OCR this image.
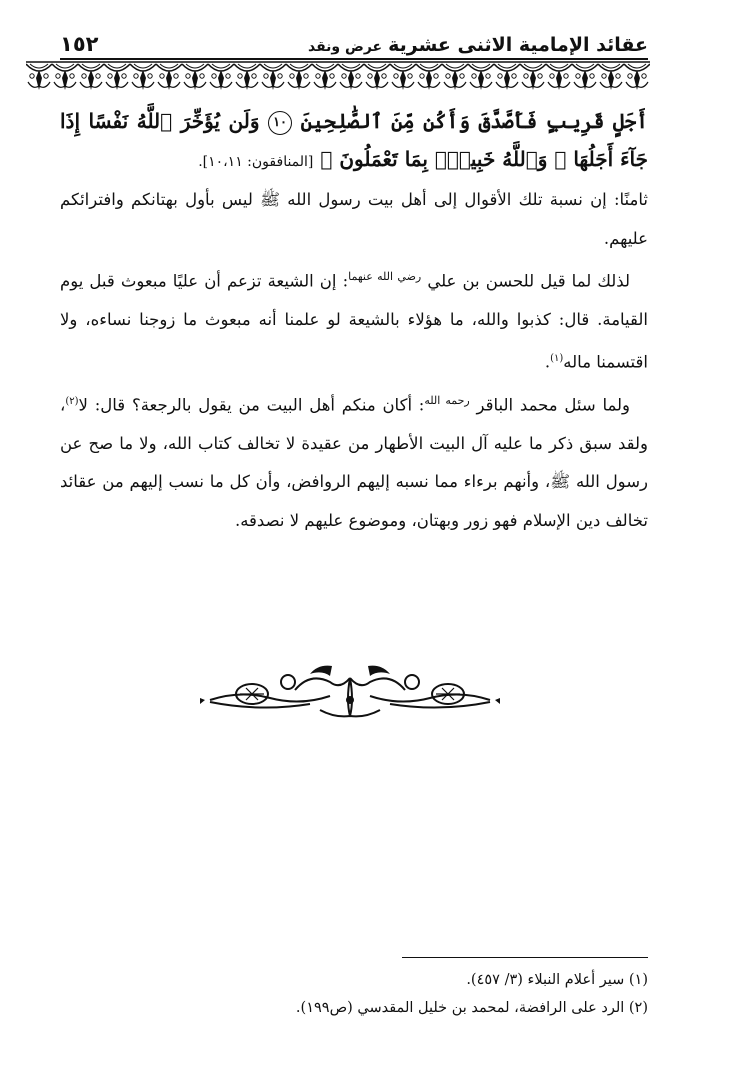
١٥٢	عقائد الإمامية الاثنى عشريةعرض ونقد

أَجَلٍ قَرِيبٍ فَأَصَّدَّقَ وَأَكُن مِّنَ ٱلصَّٰلِحِينَ ١٠ وَلَن يُؤَخِّرَ ٱللَّهُ نَفْسًا إِذَا جَآءَ أَجَلُهَا ۚ وَٱللَّهُ خَبِيرٌۢ بِمَا تَعْمَلُونَ ﴾ [المنافقون: ١٠،١١].

ثامنًا: إن نسبة تلك الأقوال إلى أهل بيت رسول الله ﷺ ليس بأول بهتانكم وافترائكم عليهم.

لذلك لما قيل للحسن بن علي $^{رضي الله عنهما}$: إن الشيعة تزعم أن عليًا مبعوث قبل يوم القيامة. قال: كذبوا والله، ما هؤلاء بالشيعة لو علمنا أنه مبعوث ما زوجنا نساءه، ولا اقتسمنا ماله$^{(١)}$.

ولما سئل محمد الباقر $^{رحمه الله}$: أكان منكم أهل البيت من يقول بالرجعة؟ قال: لا$^{(٢)}$، ولقد سبق ذكر ما عليه آل البيت الأطهار من عقيدة لا تخالف كتاب الله، ولا ما صح عن رسول الله ﷺ، وأنهم برءاء مما نسبه إليهم الروافض، وأن كل ما نسب إليهم من عقائد تخالف دين الإسلام فهو زور وبهتان، وموضوع عليهم لا نصدقه.

(١) سير أعلام النبلاء (٣/ ٤٥٧).

(٢) الرد على الرافضة، لمحمد بن خليل المقدسي (ص١٩٩).
